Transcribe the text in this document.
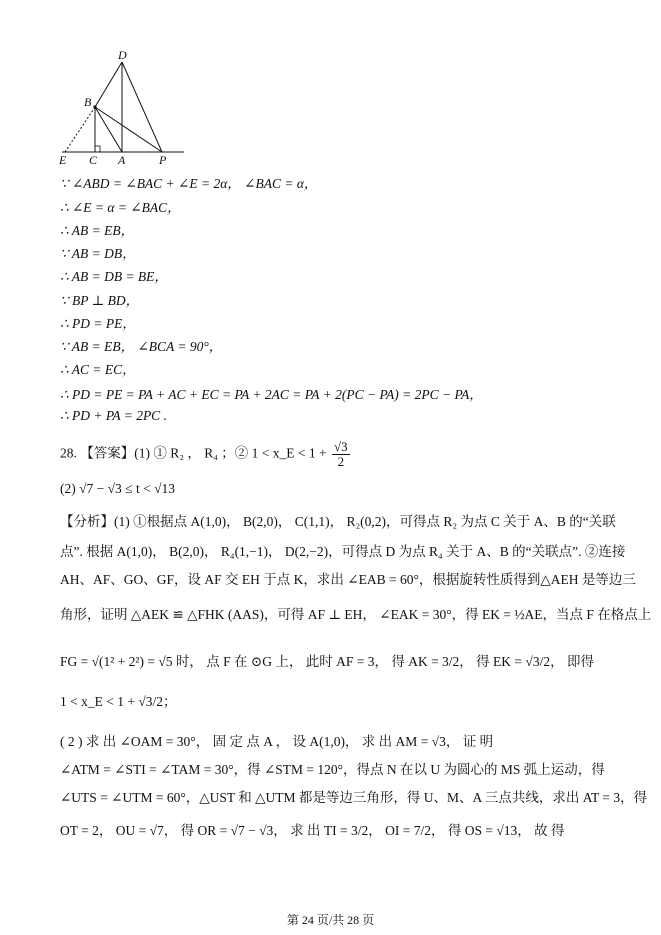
D
B
E C A	P
∵ ∠ABD = ∠BAC + ∠E = 2α， ∠BAC = α，
∴ ∠E = α = ∠BAC，
∴ AB = EB，
∵ AB = DB，
∴ AB = DB = BE，
∵ BP ⊥ BD，
∴ PD = PE，
∵ AB = EB， ∠BCA = 90°，
∴ AC = EC，
∴ PD = PE = PA + AC + EC = PA + 2AC = PA + 2(PC − PA) = 2PC − PA，
∴ PD + PA = 2PC .
28. 【答案】(1) ① R₂ ， R₄ ；② 1 < x_E < $1 + \frac{√3}{2}$
(2) √7 − √3 ≤ t < √13
【分析】(1) ①根据点 A(1,0)， B(2,0)， C(1,1)， R₂(0,2)，可得点 R₂ 为点 C 关于 A、B 的“关联
点”. 根据 A(1,0)， B(2,0)， R₄(1,−1)， D(2,−2)，可得点 D 为点 R₄ 关于 A、B 的“关联点”. ②连接
AH、AF、GO、GF，设 AF 交 EH 于点 K，求出 ∠EAB = 60°，根据旋转性质得到△AEH 是等边三
角形，证明 △AEK ≌ △FHK (AAS)，可得 AF ⊥ EH， ∠EAK = 30°，得 EK = ½AE，当点 F 在格点上
FG = √(1² + 2²) = √5 时， 点 F 在 ⊙G 上， 此时 AF = 3， 得 AK = 3/2， 得 EK = √3/2， 即得
1 < x_E < 1 + √3/2；
( 2 ) 求 出 ∠OAM = 30°， 固 定 点 A ， 设 A(1,0)， 求 出 AM = √3， 证 明
∠ATM = ∠STI = ∠TAM = 30°，得 ∠STM = 120°，得点 N 在以 U 为圆心的 MS 弧上运动，得
∠UTS = ∠UTM = 60°，△UST 和 △UTM 都是等边三角形，得 U、M、A 三点共线，求出 AT = 3，得
OT = 2， OU = √7， 得 OR = √7 − √3， 求 出 TI = 3/2， OI = 7/2， 得 OS = √13， 故 得
第 24 页/共 28 页
